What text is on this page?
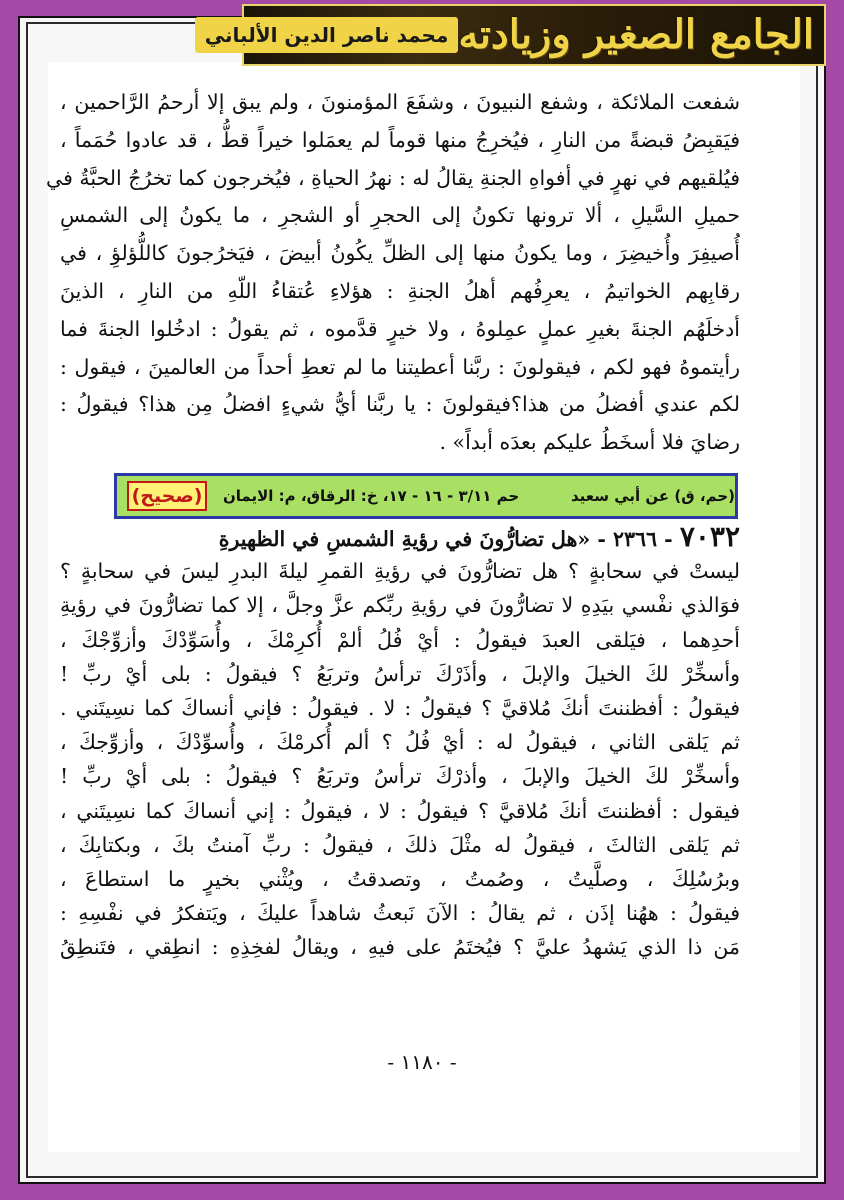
الجامع الصغير وزيادته
محمد ناصر الدين الألباني

شفعت الملائكة ، وشفع النبيونَ ، وشفَعَ المؤمنونَ ، ولم يبق إلا أرحمُ الرَّاحمين ،

فيَقبِضُ قبضةً من النارِ ، فيُخرِجُ منها قوماً لم يعمَلوا خيراً قطُّ ، قد عادوا حُمَماً ،

فيُلقيهم في نهرٍ في أفواهِ الجنةِ يقالُ له : نهرُ الحياةِ ، فيُخرجون كما تخرُجُ الحبَّةُ في

حميلِ السَّيلِ ، ألا ترونها تكونُ إلى الحجرِ أو الشجرِ ، ما يكونُ إلى الشمسِ

أُصيفِرَ وأُخيضِرَ ، وما يكونُ منها إلى الظلِّ يكُونُ أبيضَ ، فيَخرُجونَ كاللُّؤلؤِ ، في

رقابِهم الخواتيمُ ، يعرِفُهم أهلُ الجنةِ : هؤلاءِ عُتقاءُ اللّهِ من النارِ ، الذينَ

أدخلَهُم الجنةَ بغيرِ عملٍ عمِلوهُ ، ولا خيرٍ قدَّموه ، ثم يقولُ : ادخُلوا الجنةَ فما

رأيتموهُ فهو لكم ، فيقولونَ : ربَّنا أعطيتنا ما لم تعطِ أحداً من العالمينَ ، فيقول :

لكم عندي أفضلُ من هذا؟فيقولونَ : يا ربَّنا أيُّ شيءٍ افضلُ مِن هذا؟ فيقولُ :

رضايَ فلا أسخَطُ عليكم بعدَه أبداً» .

(صحيح)	(حم، ق) عن أبي سعيد
حم ٣/١١ - ١٦ - ١٧، خ: الرقاق، م: الايمان

٧٠٣٢ - ٢٣٦٦ - «هل تضارُّونَ في رؤيةِ الشمسِ في الظهيرةِ

ليستْ في سحابةٍ ؟ هل تضارُّونَ في رؤيةِ القمرِ ليلةَ البدرِ ليسَ في سحابةٍ ؟

فوَالذي نفْسي بيَدِهِ لا تضارُّونَ في رؤيةِ ربِّكم عزَّ وجلَّ ، إلا كما تضارُّونَ في رؤيةِ

أحدِهما ، فيَلقى العبدَ فيقولُ : أيْ فُلُ ألمْ أُكرِمْكَ ، وأُسَوِّدْكَ وأزوِّجْكَ ،

وأسخِّرْ لكَ الخيلَ والإبلَ ، وأذَرْكَ ترأسُ وتربَعُ ؟ فيقولُ : بلى أيْ ربِّ !

فيقولُ : أفظننتَ أنكَ مُلاقيَّ ؟ فيقولُ : لا . فيقولُ : فإني أنساكَ كما نسِيتَني .

ثم يَلقى الثاني ، فيقولُ له : أيْ فُلُ ؟ ألم أُكرمْكَ ، وأُسوِّدْكَ ، وأزوِّجكَ ،

وأسخِّرْ لكَ الخيلَ والإبلَ ، وأذرْكَ ترأسُ وتربَعُ ؟ فيقولُ : بلى أيْ ربِّ !

فيقول : أفظننتَ أنكَ مُلاقيَّ ؟ فيقولُ : لا ، فيقولُ : إني أنساكَ كما نسِيتَني ،

ثم يَلقى الثالثَ ، فيقولُ له مثْلَ ذلكَ ، فيقولُ : ربِّ آمنتُ بكَ ، وبكتابِكَ ،

وبرُسُلِكَ ، وصلَّيتُ ، وصُمتُ ، وتصدقتُ ، ويُثْني بخيرٍ ما استطاعَ ،

فيقولُ : ههُنا إذَن ، ثم يقالُ : الآنَ نَبعثُ شاهداً عليكَ ، ويَتفكرُ في نفْسِهِ :

مَن ذا الذي يَشهدُ عليَّ ؟ فيُختَمُ على فيهِ ، ويقالُ لفخِذِهِ : انطِقي ، فتَنطِقُ

- ١١٨٠ -
